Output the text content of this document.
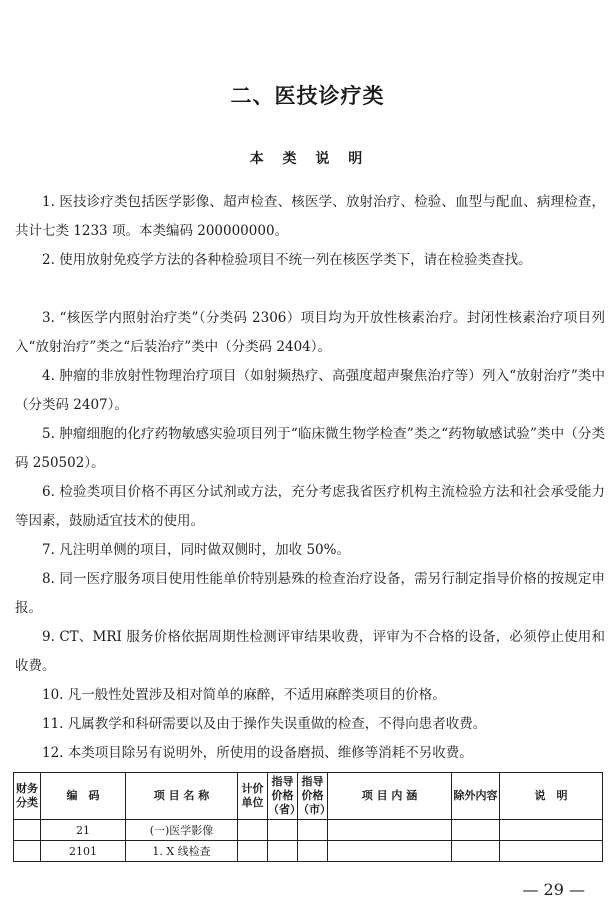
二、医技诊疗类
本 类 说 明

1. 医技诊疗类包括医学影像、超声检查、核医学、放射治疗、检验、血型与配血、病理检查，共计七类 1233 项。本类编码 200000000。

2. 使用放射免疫学方法的各种检验项目不统一列在核医学类下，请在检验类查找。

3. “核医学内照射治疗类”（分类码 2306）项目均为开放性核素治疗。封闭性核素治疗项目列入“放射治疗”类之“后装治疗”类中（分类码 2404）。

4. 肿瘤的非放射性物理治疗项目（如射频热疗、高强度超声聚焦治疗等）列入“放射治疗”类中（分类码 2407）。

5. 肿瘤细胞的化疗药物敏感实验项目列于“临床微生物学检查”类之“药物敏感试验”类中（分类码 250502）。

6. 检验类项目价格不再区分试剂或方法，充分考虑我省医疗机构主流检验方法和社会承受能力等因素，鼓励适宜技术的使用。

7. 凡注明单侧的项目，同时做双侧时，加收 50%。

8. 同一医疗服务项目使用性能单价特别悬殊的检查治疗设备，需另行制定指导价格的按规定申报。

9. CT、MRI 服务价格依据周期性检测评审结果收费，评审为不合格的设备，必须停止使用和收费。

10. 凡一般性处置涉及相对简单的麻醉，不适用麻醉类项目的价格。

11. 凡属教学和科研需要以及由于操作失误重做的检查，不得向患者收费。

12. 本类项目除另有说明外，所使用的设备磨损、维修等消耗不另收费。

财务分类	编　码	项 目 名 称	计价单位	指导价格（省）	指导价格（市）	项 目 内 涵	除外内容	说　明
	21	(一)医学影像						
	2101	1. X 线检查						
— 29 —
